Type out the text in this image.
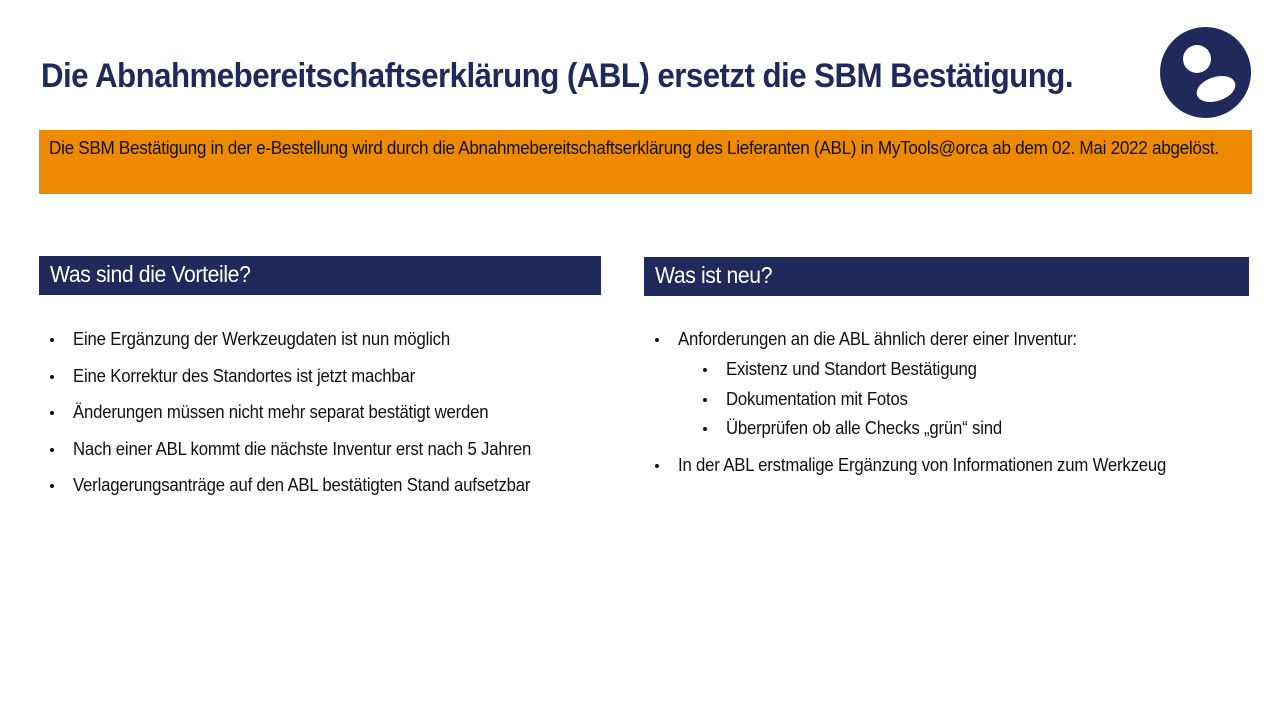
Die Abnahmebereitschaftserklärung (ABL) ersetzt die SBM Bestätigung.
Die SBM Bestätigung in der e-Bestellung wird durch die Abnahmebereitschaftserklärung des Lieferanten (ABL) in MyTools@orca ab dem 02. Mai 2022 abgelöst.
Was sind die Vorteile?
Eine Ergänzung der Werkzeugdaten ist nun möglich
Eine Korrektur des Standortes ist jetzt machbar
Änderungen müssen nicht mehr separat bestätigt werden
Nach einer ABL kommt die nächste Inventur erst nach 5 Jahren
Verlagerungsanträge auf den ABL bestätigten Stand aufsetzbar
Was ist neu?
Anforderungen an die ABL ähnlich derer einer Inventur:
Existenz und Standort Bestätigung
Dokumentation mit Fotos
Überprüfen ob alle Checks „grün“ sind
In der ABL erstmalige Ergänzung von Informationen zum Werkzeug
